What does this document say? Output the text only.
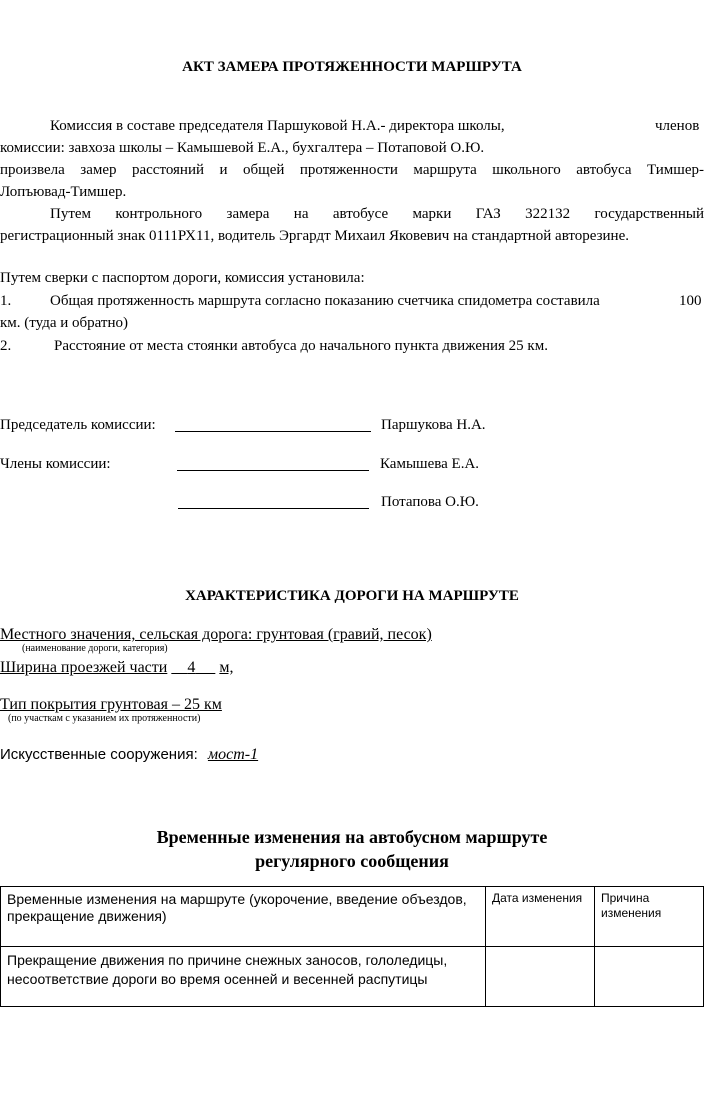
АКТ ЗАМЕРА ПРОТЯЖЕННОСТИ МАРШРУТА
Комиссия в составе председателя Паршуковой Н.А.- директора школы,	членов
комиссии: завхоза школы – Камышевой Е.А., бухгалтера – Потаповой О.Ю.
произвела замер расстояний и общей протяженности маршрута школьного автобуса Тимшер-
Лопъювад-Тимшер.
Путем контрольного замера на автобусе марки ГАЗ 322132 государственный
регистрационный знак 0111РХ11, водитель Эргардт Михаил Яковевич на стандартной авторезине.
Путем сверки с паспортом дороги, комиссия установила:
1.	Общая протяженность маршрута согласно показанию счетчика спидометра составила	100
км. (туда и обратно)
2.	Расстояние от места стоянки автобуса до начального пункта движения 25 км.
Председатель комиссии:	Паршукова Н.А.
Члены комиссии:	Камышева Е.А.
Потапова О.Ю.
ХАРАКТЕРИСТИКА ДОРОГИ НА МАРШРУТЕ
Местного значения, сельская дорога: грунтовая (гравий, песок)
(наименование дороги, категория)
Ширина проезжей части 4 м,
Тип покрытия грунтовая – 25 км
(по участкам с указанием их протяженности)
Искусственные сооружения: мост-1
Временные изменения на автобусном маршруте
регулярного сообщения
Временные изменения на маршруте (укорочение, введение объездов, прекращение движения)	Дата изменения	Причина изменения
Прекращение движения по причине снежных заносов, гололедицы, несоответствие дороги во время осенней и весенней распутицы		
